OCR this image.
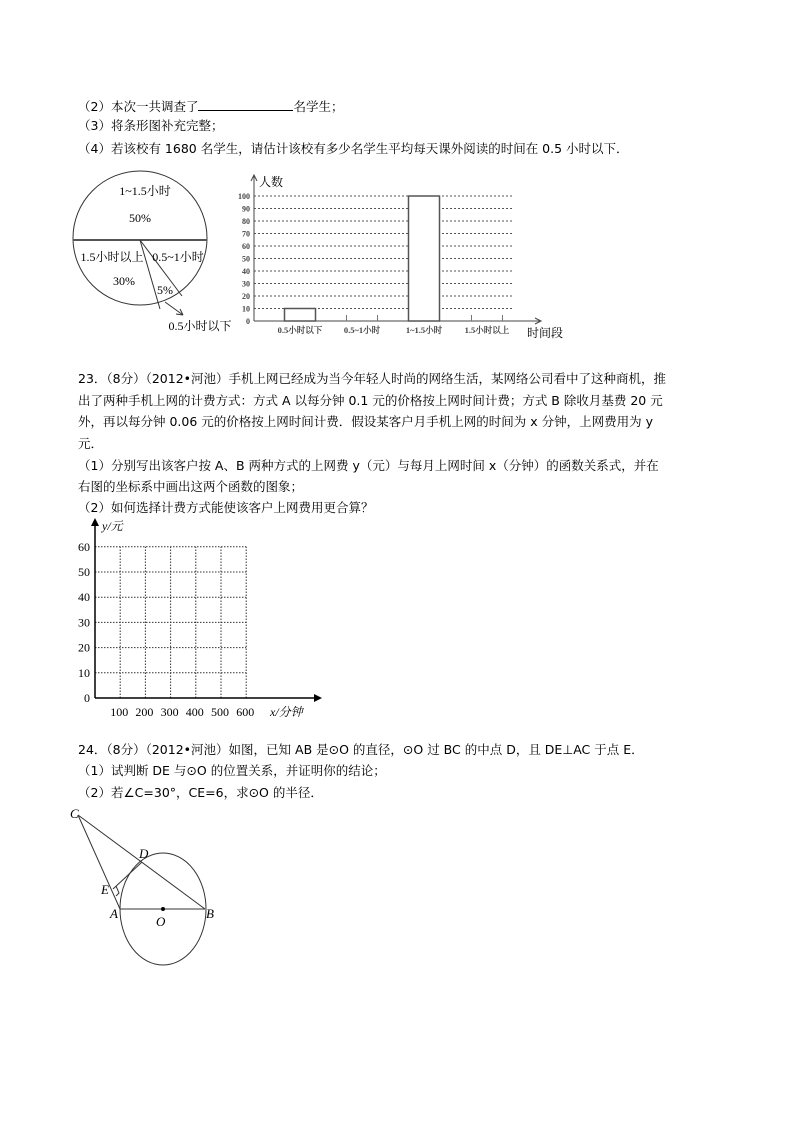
（2）本次一共调查了	名学生；
（3）将条形图补充完整；
（4）若该校有 1680 名学生，请估计该校有多少名学生平均每天课外阅读的时间在 0.5 小时以下．
1~1.5小时
50%
1.5小时以上
30%
0.5~1小时
5%
0.5小时以下
人数
时间段
0
10
20
30
40
50
60
70
80
90
100
0.5小时以下	0.5~1小时	1~1.5小时	1.5小时以上
23．（8分）（2012•河池）手机上网已经成为当今年轻人时尚的网络生活，某网络公司看中了这种商机，推
出了两种手机上网的计费方式：方式 A 以每分钟 0.1 元的价格按上网时间计费；方式 B 除收月基费 20 元
外，再以每分钟 0.06 元的价格按上网时间计费．假设某客户月手机上网的时间为 x 分钟，上网费用为 y
元．
（1）分别写出该客户按 A、B 两种方式的上网费 y（元）与每月上网时间 x（分钟）的函数关系式，并在
右图的坐标系中画出这两个函数的图象；
（2）如何选择计费方式能使该客户上网费用更合算？
y/元
x/分钟
0
10
20
30
40
50
60
100 200 300 400 500 600
24．（8分）（2012•河池）如图，已知 AB 是⊙O 的直径，⊙O 过 BC 的中点 D，且 DE⊥AC 于点 E．
（1）试判断 DE 与⊙O 的位置关系，并证明你的结论；
（2）若∠C=30°，CE=6，求⊙O 的半径．
C
D
E
A
O
B
